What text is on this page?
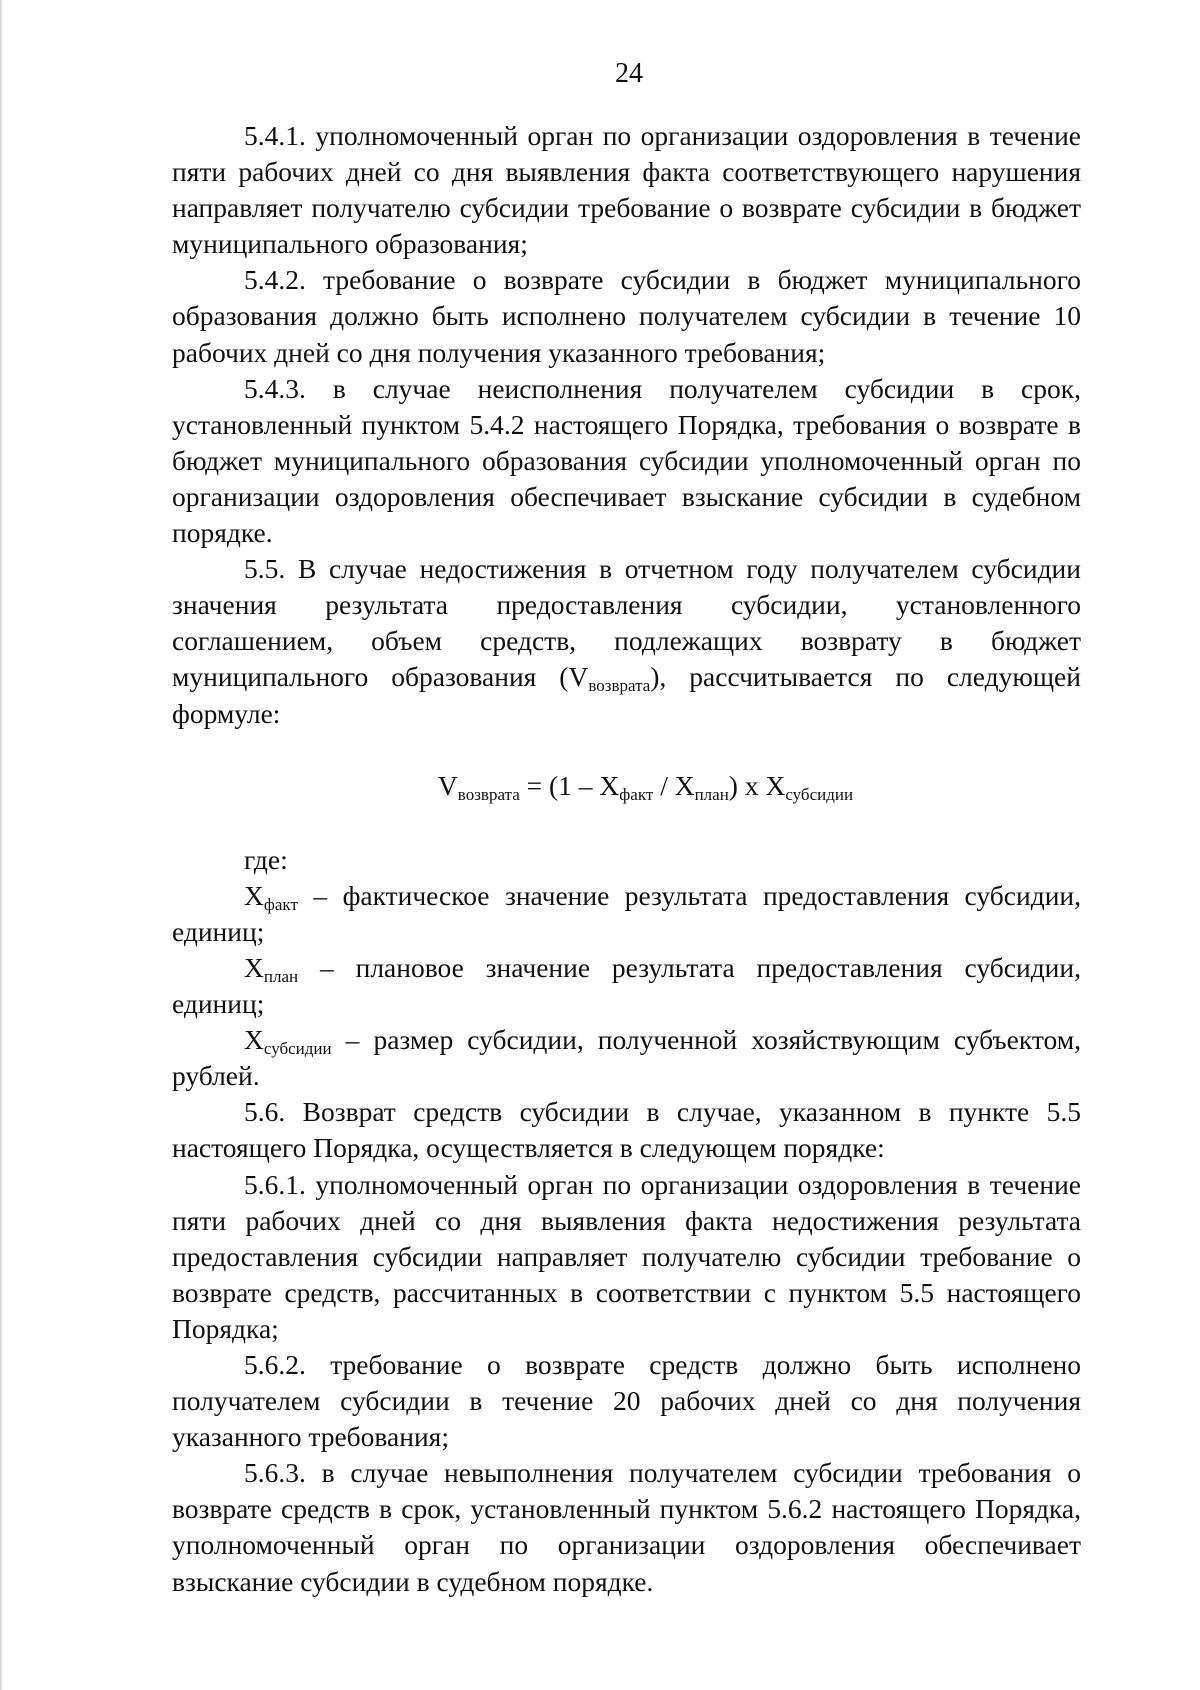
24

5.4.1. уполномоченный орган по организации оздоровления в течение пяти рабочих дней со дня выявления факта соответствующего нарушения направляет получателю субсидии требование о возврате субсидии в бюджет муниципального образования;

5.4.2. требование о возврате субсидии в бюджет муниципального образования должно быть исполнено получателем субсидии в течение 10 рабочих дней со дня получения указанного требования;

5.4.3. в случае неисполнения получателем субсидии в срок, установленный пунктом 5.4.2 настоящего Порядка, требования о возврате в бюджет муниципального образования субсидии уполномоченный орган по организации оздоровления обеспечивает взыскание субсидии в судебном порядке.

5.5. В случае недостижения в отчетном году получателем субсидии значения результата предоставления субсидии, установленного соглашением, объем средств, подлежащих возврату в бюджет муниципального образования $(V_{возврата})$, рассчитывается по следующей формуле:

$V_{возврата} = (1 - X_{факт} / X_{план})$ х $X_{субсидии}$

где:

$X_{факт}$ – фактическое значение результата предоставления субсидии, единиц;

$X_{план}$ – плановое значение результата предоставления субсидии, единиц;

$X_{субсидии}$ – размер субсидии, полученной хозяйствующим субъектом, рублей.

5.6. Возврат средств субсидии в случае, указанном в пункте 5.5 настоящего Порядка, осуществляется в следующем порядке:

5.6.1. уполномоченный орган по организации оздоровления в течение пяти рабочих дней со дня выявления факта недостижения результата предоставления субсидии направляет получателю субсидии требование о возврате средств, рассчитанных в соответствии с пунктом 5.5 настоящего Порядка;

5.6.2. требование о возврате средств должно быть исполнено получателем субсидии в течение 20 рабочих дней со дня получения указанного требования;

5.6.3. в случае невыполнения получателем субсидии требования о возврате средств в срок, установленный пунктом 5.6.2 настоящего Порядка, уполномоченный орган по организации оздоровления обеспечивает взыскание субсидии в судебном порядке.
